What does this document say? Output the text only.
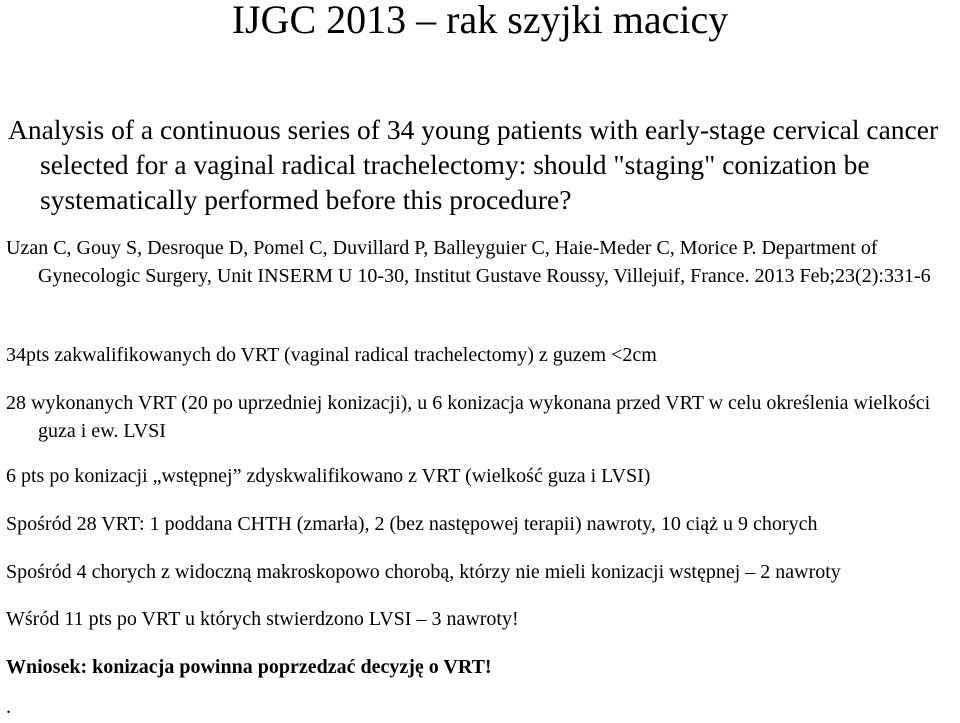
IJGC 2013 – rak szyjki macicy
Analysis of a continuous series of 34 young patients with early-stage cervical cancer selected for a vaginal radical trachelectomy: should "staging" conization be systematically performed before this procedure?
Uzan C, Gouy S, Desroque D, Pomel C, Duvillard P, Balleyguier C, Haie-Meder C, Morice P. Department of Gynecologic Surgery, Unit INSERM U 10-30, Institut Gustave Roussy, Villejuif, France. 2013 Feb;23(2):331-6
34pts zakwalifikowanych do VRT (vaginal radical trachelectomy) z guzem <2cm
28 wykonanych VRT (20 po uprzedniej konizacji), u 6 konizacja wykonana przed VRT w celu określenia wielkości guza i ew. LVSI
6 pts po konizacji „wstępnej” zdyskwalifikowano z VRT (wielkość guza i LVSI)
Spośród 28 VRT: 1 poddana CHTH (zmarła), 2 (bez następowej terapii) nawroty, 10 ciąż u 9 chorych
Spośród 4 chorych z widoczną makroskopowo chorobą, którzy nie mieli konizacji wstępnej – 2 nawroty
Wśród 11 pts po VRT u których stwierdzono LVSI – 3 nawroty!
Wniosek: konizacja powinna poprzedzać decyzję o VRT!
.
